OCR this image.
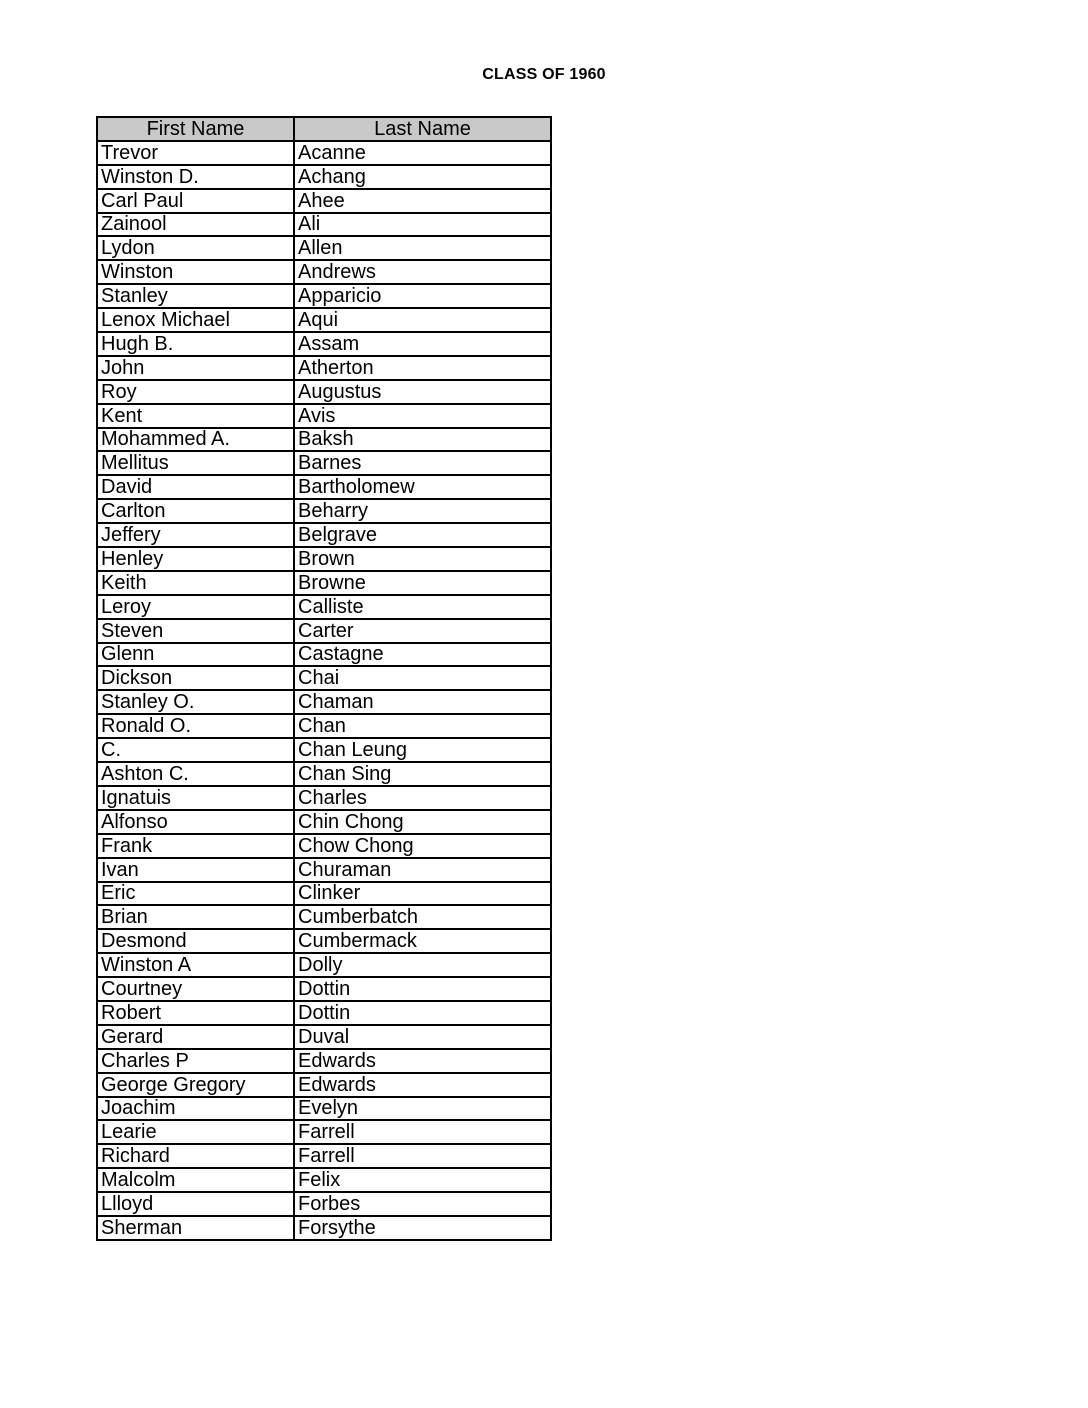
CLASS OF 1960
First Name	Last Name
Trevor	Acanne
Winston D.	Achang
Carl Paul	Ahee
Zainool	Ali
Lydon	Allen
Winston	Andrews
Stanley	Apparicio
Lenox Michael	Aqui
Hugh B.	Assam
John	Atherton
Roy	Augustus
Kent	Avis
Mohammed A.	Baksh
Mellitus	Barnes
David	Bartholomew
Carlton	Beharry
Jeffery	Belgrave
Henley	Brown
Keith	Browne
Leroy	Calliste
Steven	Carter
Glenn	Castagne
Dickson	Chai
Stanley O.	Chaman
Ronald O.	Chan
C.	Chan Leung
Ashton C.	Chan Sing
Ignatuis	Charles
Alfonso	Chin Chong
Frank	Chow Chong
Ivan	Churaman
Eric	Clinker
Brian	Cumberbatch
Desmond	Cumbermack
Winston A	Dolly
Courtney	Dottin
Robert	Dottin
Gerard	Duval
Charles P	Edwards
George Gregory	Edwards
Joachim	Evelyn
Learie	Farrell
Richard	Farrell
Malcolm	Felix
Llloyd	Forbes
Sherman	Forsythe
